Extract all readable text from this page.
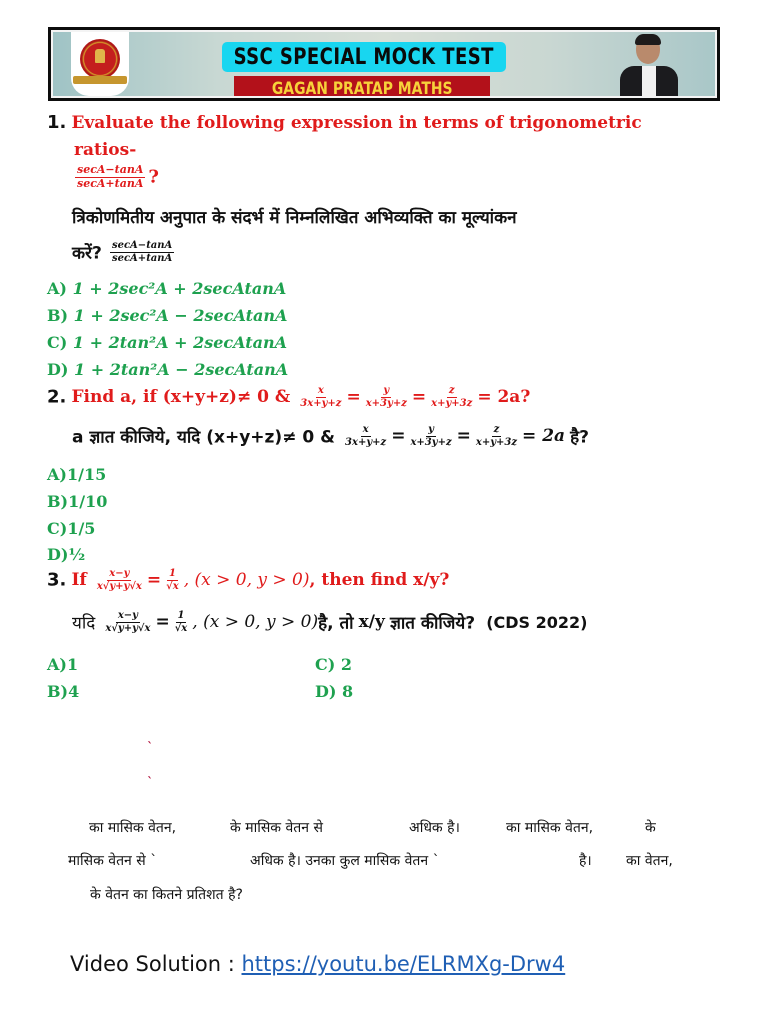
SSC SPECIAL MOCK TEST
GAGAN PRATAP MATHS
1. Evaluate the following expression in terms of trigonometric
ratios-
$\frac{\sec A-\tan A}{\sec A+\tan A}$ ?
त्रिकोणमितीय अनुपात के संदर्भ में निम्नलिखित अभिव्यक्ति का मूल्यांकन
करें? $\frac{\sec A-\tan A}{\sec A+\tan A}$
A) 1 + 2sec²A + 2secAtanA
B) 1 + 2sec²A − 2secAtanA
C) 1 + 2tan²A + 2secAtanA
D) 1 + 2tan²A − 2secAtanA
2. Find a, if (x+y+z)≠ 0 & $\frac{x}{3x+y+z} = \frac{y}{x+3y+z} = \frac{z}{x+y+3z} = 2a$?
a ज्ञात कीजिये, यदि (x+y+z)≠ 0 & $\frac{x}{3x+y+z} = \frac{y}{x+3y+z} = \frac{z}{x+y+3z} = 2a$ है?
A)1/15
B)1/10
C)1/5
D)½
3. If $\frac{x-y}{x√y+y√x} = \frac{1}{√x}$ , (x > 0, y > 0), then find x/y?
यदि $\frac{x-y}{x√y+y√x} = \frac{1}{√x}$ , (x > 0, y > 0)है, तो x/y ज्ञात कीजिये? (CDS 2022)
A)1
B)4
C) 2
D) 8
`
`
का मासिक वेतन,	के मासिक वेतन से	अधिक है।	का मासिक वेतन,	के
मासिक वेतन से `	अधिक है। उनका कुल मासिक वेतन `	है। का वेतन,
के वेतन का कितने प्रतिशत है?
Video Solution : https://youtu.be/ELRMXg-Drw4
